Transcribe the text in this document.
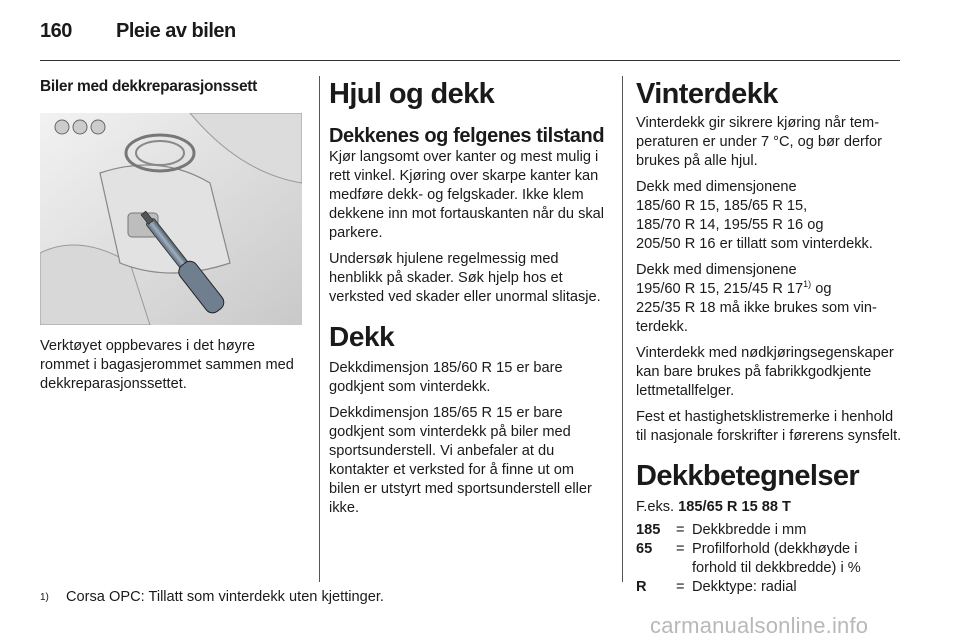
160 Pleie av bilen
Biler med dekkreparasjonssett

Verktøyet oppbevares i det høyre rommet i bagasjerommet sammen med dekkreparasjonssettet.

Hjul og dekk
Dekkenes og felgenes tilstand

Kjør langsomt over kanter og mest mulig i rett vinkel. Kjøring over skarpe kanter kan medføre dekk- og felgskader. Ikke klem dekkene inn mot fortauskanten når du skal parkere.

Undersøk hjulene regelmessig med henblikk på skader. Søk hjelp hos et verksted ved skader eller unormal slitasje.

Dekk

Dekkdimensjon 185/60 R 15 er bare godkjent som vinterdekk.

Dekkdimensjon 185/65 R 15 er bare godkjent som vinterdekk på biler med sportsunderstell. Vi anbefaler at du kontakter et verksted for å finne ut om bilen er utstyrt med sportsunderstell eller ikke.

Vinterdekk

Vinterdekk gir sikrere kjøring når temperaturen er under 7 °C, og bør derfor brukes på alle hjul.

Dekk med dimensjonene
185/60 R 15, 185/65 R 15,
185/70 R 14, 195/55 R 16 og
205/50 R 16 er tillatt som vinterdekk.

Dekk med dimensjonene
195/60 R 15, 215/45 R 17$^{1)}$ og
225/35 R 18 må ikke brukes som vinterdekk.

Vinterdekk med nødkjøringsegenskaper kan bare brukes på fabrikkgodkjente lettmetallfelger.

Fest et hastighetsklistremerke i henhold til nasjonale forskrifter i førerens synsfelt.

Dekkbetegnelser
F.eks. 185/65 R 15 88 T
185	=	Dekkbredde i mm
65	=	Profilforhold (dekkhøyde i forhold til dekkbredde) i %
R	=	Dekktype: radial
1) Corsa OPC: Tillatt som vinterdekk uten kjettinger.
carmanualsonline.info
